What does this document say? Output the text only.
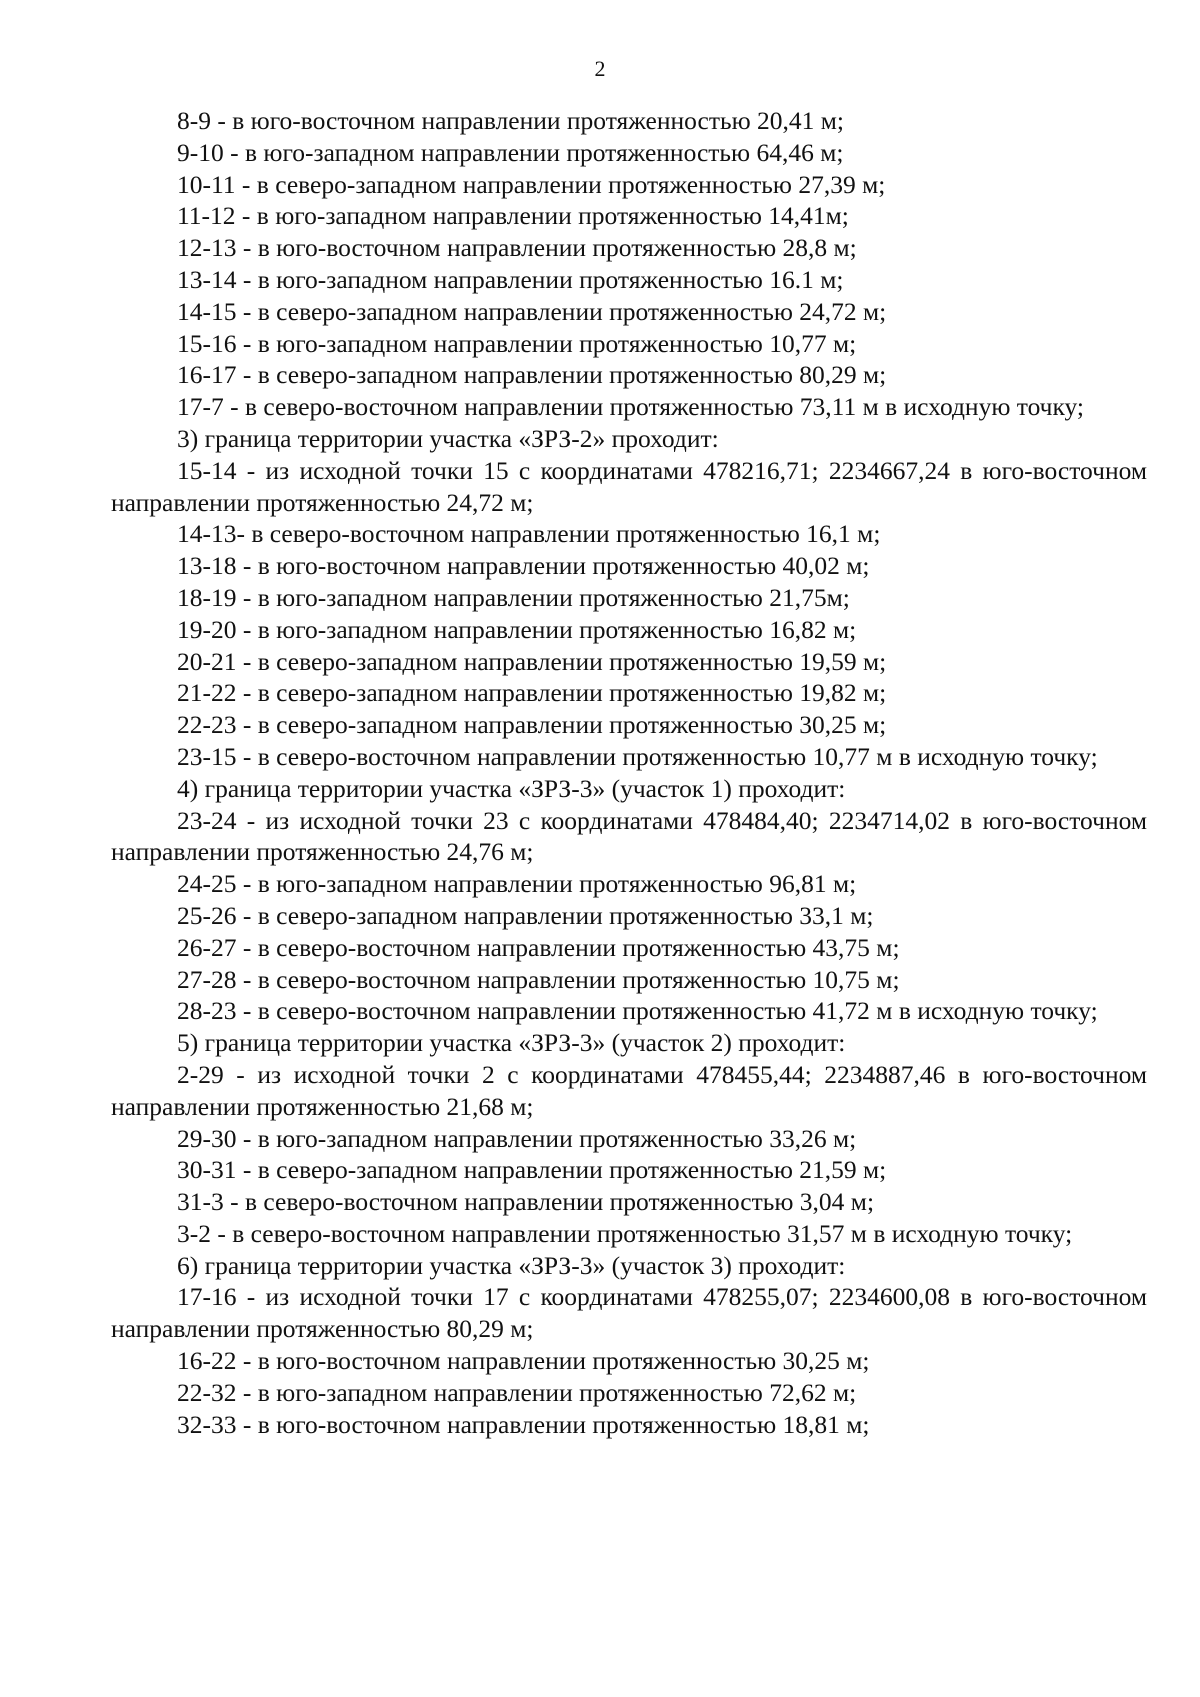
2

8-9 - в юго-восточном направлении протяженностью 20,41 м;

9-10 - в юго-западном направлении протяженностью 64,46 м;

10-11 - в северо-западном направлении протяженностью 27,39 м;

11-12 - в юго-западном направлении протяженностью 14,41м;

12-13 - в юго-восточном направлении протяженностью 28,8 м;

13-14 - в юго-западном направлении протяженностью 16.1 м;

14-15 - в северо-западном направлении протяженностью 24,72 м;

15-16 - в юго-западном направлении протяженностью 10,77 м;

16-17 - в северо-западном направлении протяженностью 80,29 м;

17-7 - в северо-восточном направлении протяженностью 73,11 м в исходную точку;

3) граница территории участка «ЗРЗ-2» проходит:

15-14 - из исходной точки 15 с координатами 478216,71; 2234667,24 в юго-восточном направлении протяженностью 24,72 м;

14-13- в северо-восточном направлении протяженностью 16,1 м;

13-18 - в юго-восточном направлении протяженностью 40,02 м;

18-19 - в юго-западном направлении протяженностью 21,75м;

19-20 - в юго-западном направлении протяженностью 16,82 м;

20-21 - в северо-западном направлении протяженностью 19,59 м;

21-22 - в северо-западном направлении протяженностью 19,82 м;

22-23 - в северо-западном направлении протяженностью 30,25 м;

23-15 - в северо-восточном направлении протяженностью 10,77 м в исходную точку;

4) граница территории участка «ЗРЗ-3» (участок 1) проходит:

23-24 - из исходной точки 23 с координатами 478484,40; 2234714,02 в юго-восточном направлении протяженностью 24,76 м;

24-25 - в юго-западном направлении протяженностью 96,81 м;

25-26 - в северо-западном направлении протяженностью 33,1 м;

26-27 - в северо-восточном направлении протяженностью 43,75 м;

27-28 - в северо-восточном направлении протяженностью 10,75 м;

28-23 - в северо-восточном направлении протяженностью 41,72 м в исходную точку;

5) граница территории участка «ЗРЗ-3» (участок 2) проходит:

2-29 - из исходной точки 2 с координатами 478455,44; 2234887,46 в юго-восточном направлении протяженностью 21,68 м;

29-30 - в юго-западном направлении протяженностью 33,26 м;

30-31 - в северо-западном направлении протяженностью 21,59 м;

31-3 - в северо-восточном направлении протяженностью 3,04 м;

3-2 - в северо-восточном направлении протяженностью 31,57 м в исходную точку;

6) граница территории участка «ЗРЗ-3» (участок 3) проходит:

17-16 - из исходной точки 17 с координатами 478255,07; 2234600,08 в юго-восточном направлении протяженностью 80,29 м;

16-22 - в юго-восточном направлении протяженностью 30,25 м;

22-32 - в юго-западном направлении протяженностью 72,62 м;

32-33 - в юго-восточном направлении протяженностью 18,81 м;
